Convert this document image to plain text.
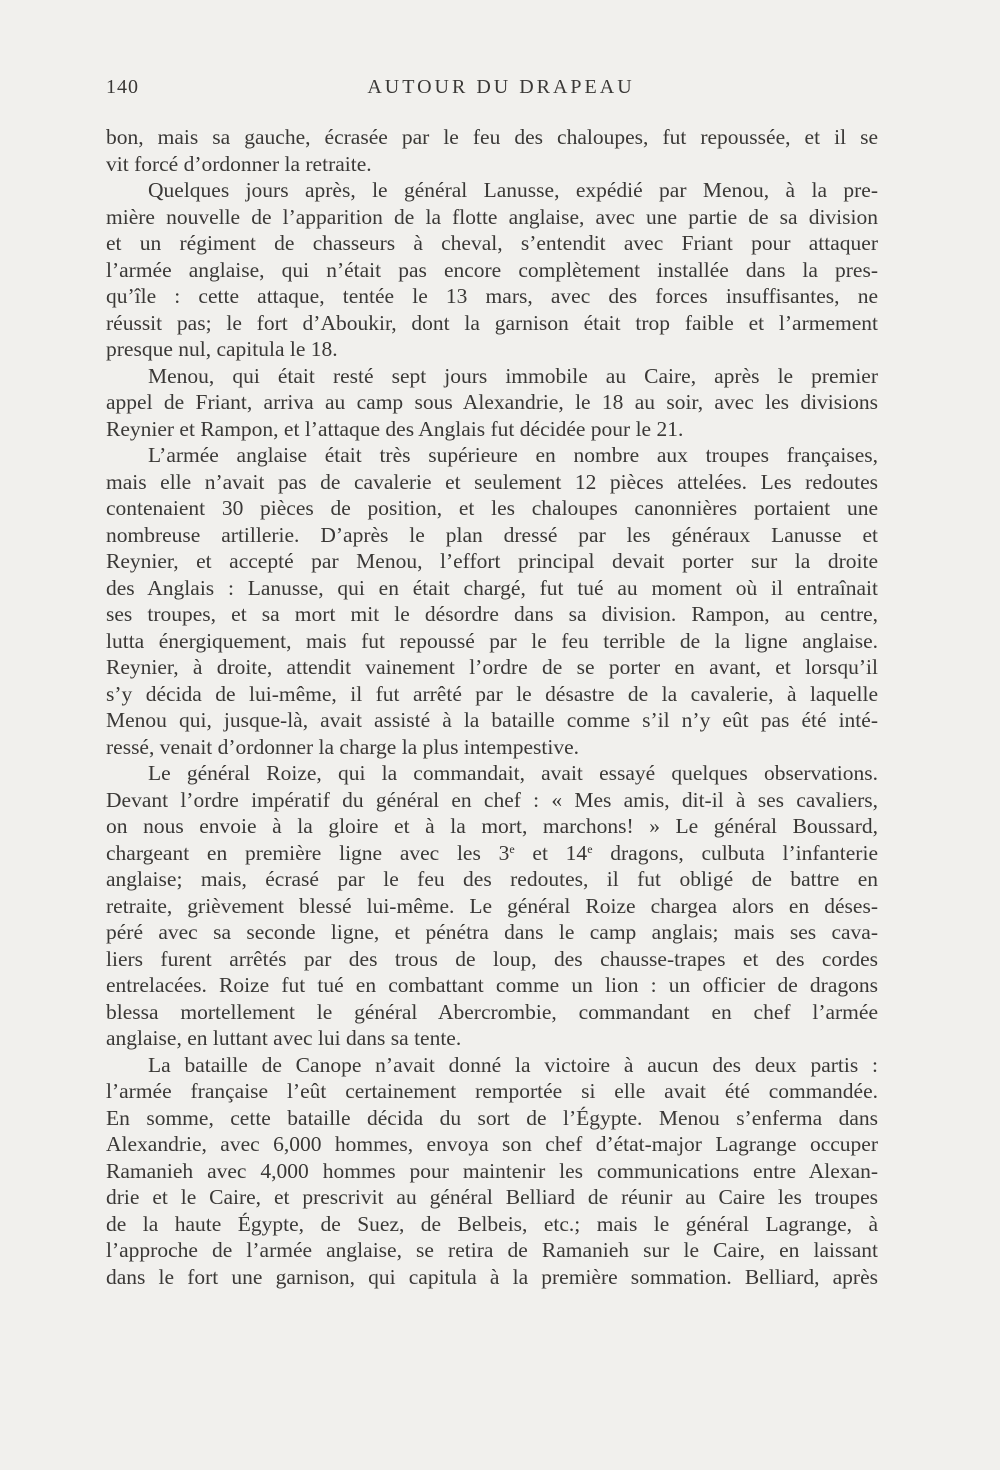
140	AUTOUR DU DRAPEAU

bon, mais sa gauche, écrasée par le feu des chaloupes, fut repoussée, et il se

vit forcé d’ordonner la retraite.

Quelques jours après, le général Lanusse, expédié par Menou, à la pre-

mière nouvelle de l’apparition de la flotte anglaise, avec une partie de sa division

et un régiment de chasseurs à cheval, s’entendit avec Friant pour attaquer

l’armée anglaise, qui n’était pas encore complètement installée dans la pres-

qu’île : cette attaque, tentée le 13 mars, avec des forces insuffisantes, ne

réussit pas; le fort d’Aboukir, dont la garnison était trop faible et l’armement

presque nul, capitula le 18.

Menou, qui était resté sept jours immobile au Caire, après le premier

appel de Friant, arriva au camp sous Alexandrie, le 18 au soir, avec les divisions

Reynier et Rampon, et l’attaque des Anglais fut décidée pour le 21.

L’armée anglaise était très supérieure en nombre aux troupes françaises,

mais elle n’avait pas de cavalerie et seulement 12 pièces attelées. Les redoutes

contenaient 30 pièces de position, et les chaloupes canonnières portaient une

nombreuse artillerie. D’après le plan dressé par les généraux Lanusse et

Reynier, et accepté par Menou, l’effort principal devait porter sur la droite

des Anglais : Lanusse, qui en était chargé, fut tué au moment où il entraînait

ses troupes, et sa mort mit le désordre dans sa division. Rampon, au centre,

lutta énergiquement, mais fut repoussé par le feu terrible de la ligne anglaise.

Reynier, à droite, attendit vainement l’ordre de se porter en avant, et lorsqu’il

s’y décida de lui-même, il fut arrêté par le désastre de la cavalerie, à laquelle

Menou qui, jusque-là, avait assisté à la bataille comme s’il n’y eût pas été inté-

ressé, venait d’ordonner la charge la plus intempestive.

Le général Roize, qui la commandait, avait essayé quelques observations.

Devant l’ordre impératif du général en chef : « Mes amis, dit-il à ses cavaliers,

on nous envoie à la gloire et à la mort, marchons! » Le général Boussard,

chargeant en première ligne avec les 3e et 14e dragons, culbuta l’infanterie

anglaise; mais, écrasé par le feu des redoutes, il fut obligé de battre en

retraite, grièvement blessé lui-même. Le général Roize chargea alors en déses-

péré avec sa seconde ligne, et pénétra dans le camp anglais; mais ses cava-

liers furent arrêtés par des trous de loup, des chausse-trapes et des cordes

entrelacées. Roize fut tué en combattant comme un lion : un officier de dragons

blessa mortellement le général Abercrombie, commandant en chef l’armée

anglaise, en luttant avec lui dans sa tente.

La bataille de Canope n’avait donné la victoire à aucun des deux partis :

l’armée française l’eût certainement remportée si elle avait été commandée.

En somme, cette bataille décida du sort de l’Égypte. Menou s’enferma dans

Alexandrie, avec 6,000 hommes, envoya son chef d’état-major Lagrange occuper

Ramanieh avec 4,000 hommes pour maintenir les communications entre Alexan-

drie et le Caire, et prescrivit au général Belliard de réunir au Caire les troupes

de la haute Égypte, de Suez, de Belbeis, etc.; mais le général Lagrange, à

l’approche de l’armée anglaise, se retira de Ramanieh sur le Caire, en laissant

dans le fort une garnison, qui capitula à la première sommation. Belliard, après
